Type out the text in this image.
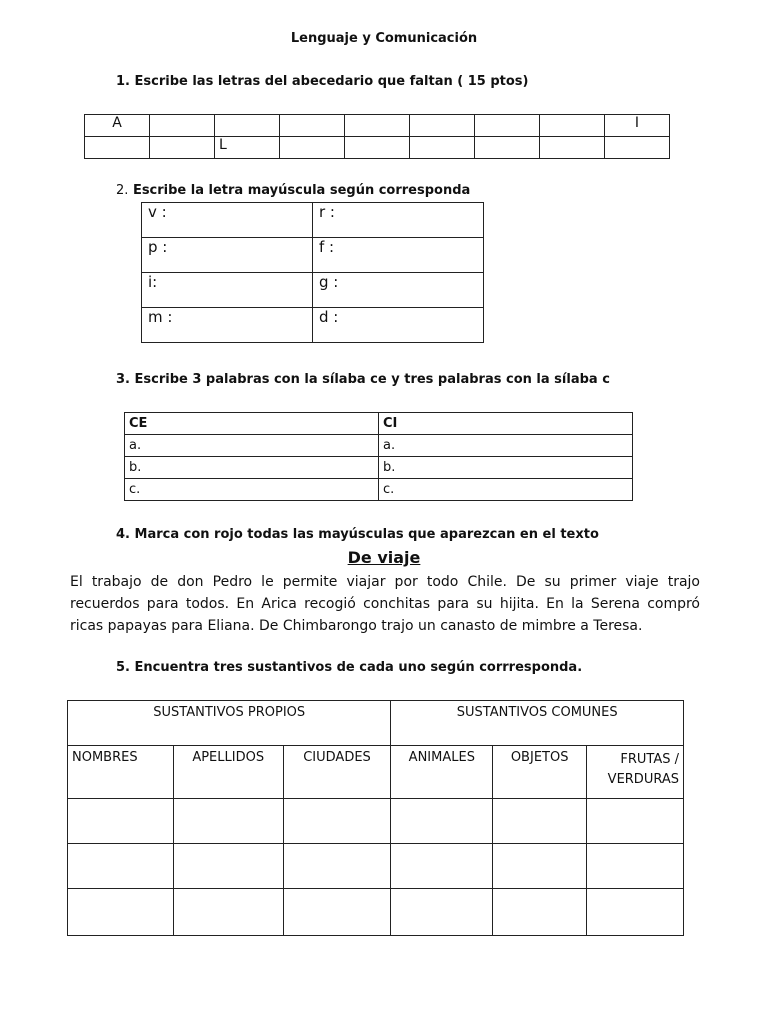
Lenguaje y Comunicación
1. Escribe las letras del abecedario que faltan ( 15 ptos)
A								I
		L						
2. Escribe la letra mayúscula según corresponda
v :	r :
p :	f :
i:	g :
m :	d :
3. Escribe 3 palabras con la sílaba ce y tres palabras con la sílaba c
CE	CI
a.	a.
b.	b.
c.	c.
4. Marca con rojo todas las mayúsculas que aparezcan en el texto
De viaje
El trabajo de don Pedro le permite viajar por todo Chile. De su primer viaje trajo recuerdos para todos. En Arica recogió conchitas para su hijita. En la Serena compró ricas papayas para Eliana. De Chimbarongo trajo un canasto de mimbre a Teresa.
5. Encuentra tres sustantivos de cada uno según corrresponda.
SUSTANTIVOS PROPIOS			SUSTANTIVOS COMUNES		
NOMBRES	APELLIDOS	CIUDADES	ANIMALES	OBJETOS	FRUTAS / VERDURAS
